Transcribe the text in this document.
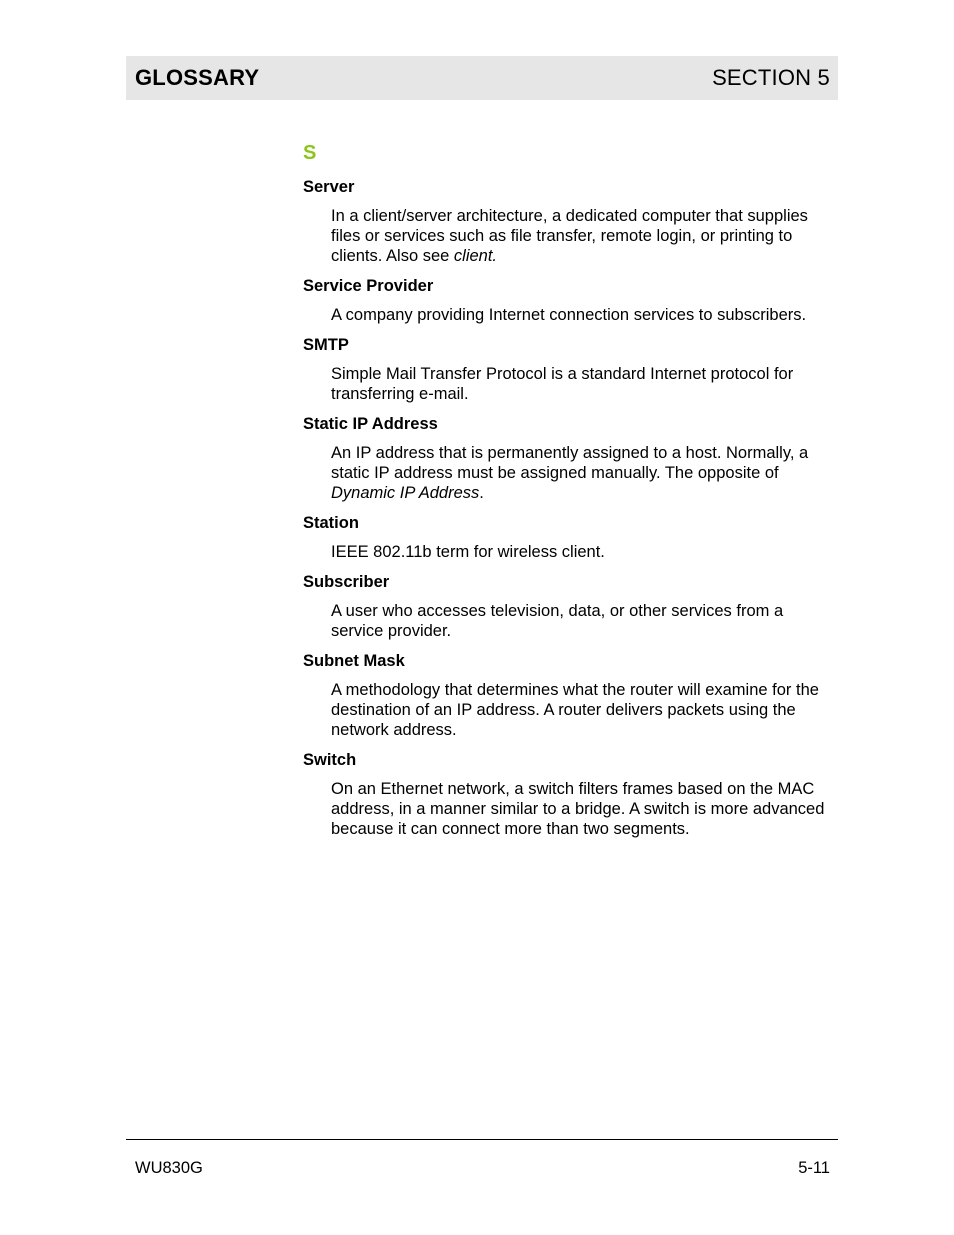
GLOSSARY	SECTION 5
S
Server
In a client/server architecture, a dedicated computer that supplies files or services such as file transfer, remote login, or printing to clients. Also see client.
Service Provider
A company providing Internet connection services to subscribers.
SMTP
Simple Mail Transfer Protocol is a standard Internet protocol for transferring e-mail.
Static IP Address
An IP address that is permanently assigned to a host. Normally, a static IP address must be assigned manually. The opposite of Dynamic IP Address.
Station
IEEE 802.11b term for wireless client.
Subscriber
A user who accesses television, data, or other services from a service provider.
Subnet Mask
A methodology that determines what the router will examine for the destination of an IP address. A router delivers packets using the network address.
Switch
On an Ethernet network, a switch filters frames based on the MAC address, in a manner similar to a bridge. A switch is more advanced because it can connect more than two segments.
WU830G	5-11
